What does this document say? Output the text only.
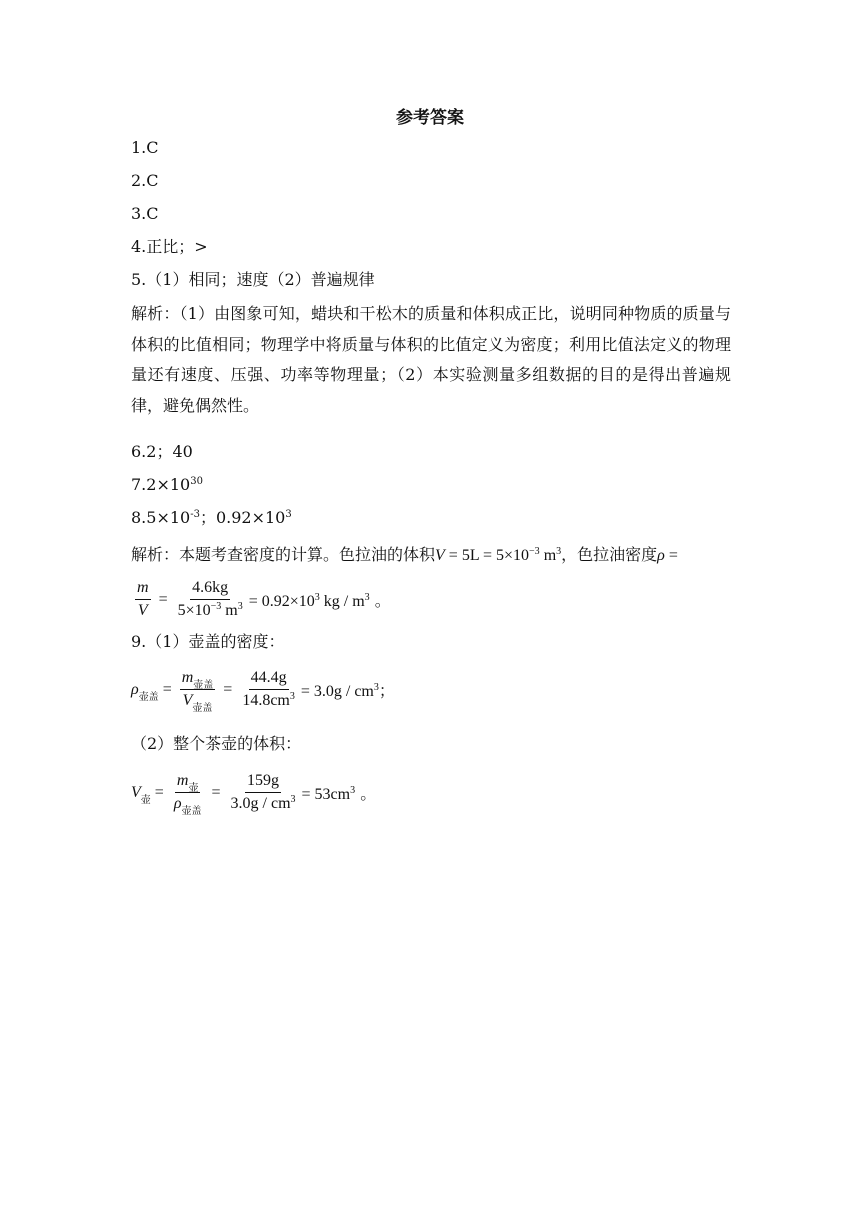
参考答案
1.C
2.C
3.C
4.正比；>
5.（1）相同；速度（2）普遍规律
解析：（1）由图象可知，蜡块和干松木的质量和体积成正比，说明同种物质的质量与体积的比值相同；物理学中将质量与体积的比值定义为密度；利用比值法定义的物理量还有速度、压强、功率等物理量；（2）本实验测量多组数据的目的是得出普遍规律，避免偶然性。
6.2；40
$7.2\times 10^{30}$
$8.5\times 10^{-3}$；$0.92\times 10^3$
解析：本题考查密度的计算。色拉油的体积$V = 5L = 5\times 10^{-3}$ $m^3$，色拉油密度ρ =
$\frac{m}{V} = \frac{4.6kg}{5\times 10^{-3} m^3} = 0.92\times 10^3$ kg / $m^3$ 。
9.（1）壶盖的密度：
$\rho_{壶盖} = \frac{m_{壶盖}}{V_{壶盖}} = \frac{44.4g}{14.8cm^3} = 3.0g / cm^3$；
（2）整个茶壶的体积：
$V_壶 = \frac{m_壶}{\rho_{壶盖}} = \frac{159g}{3.0g / cm^3} = 53cm^3$ 。
